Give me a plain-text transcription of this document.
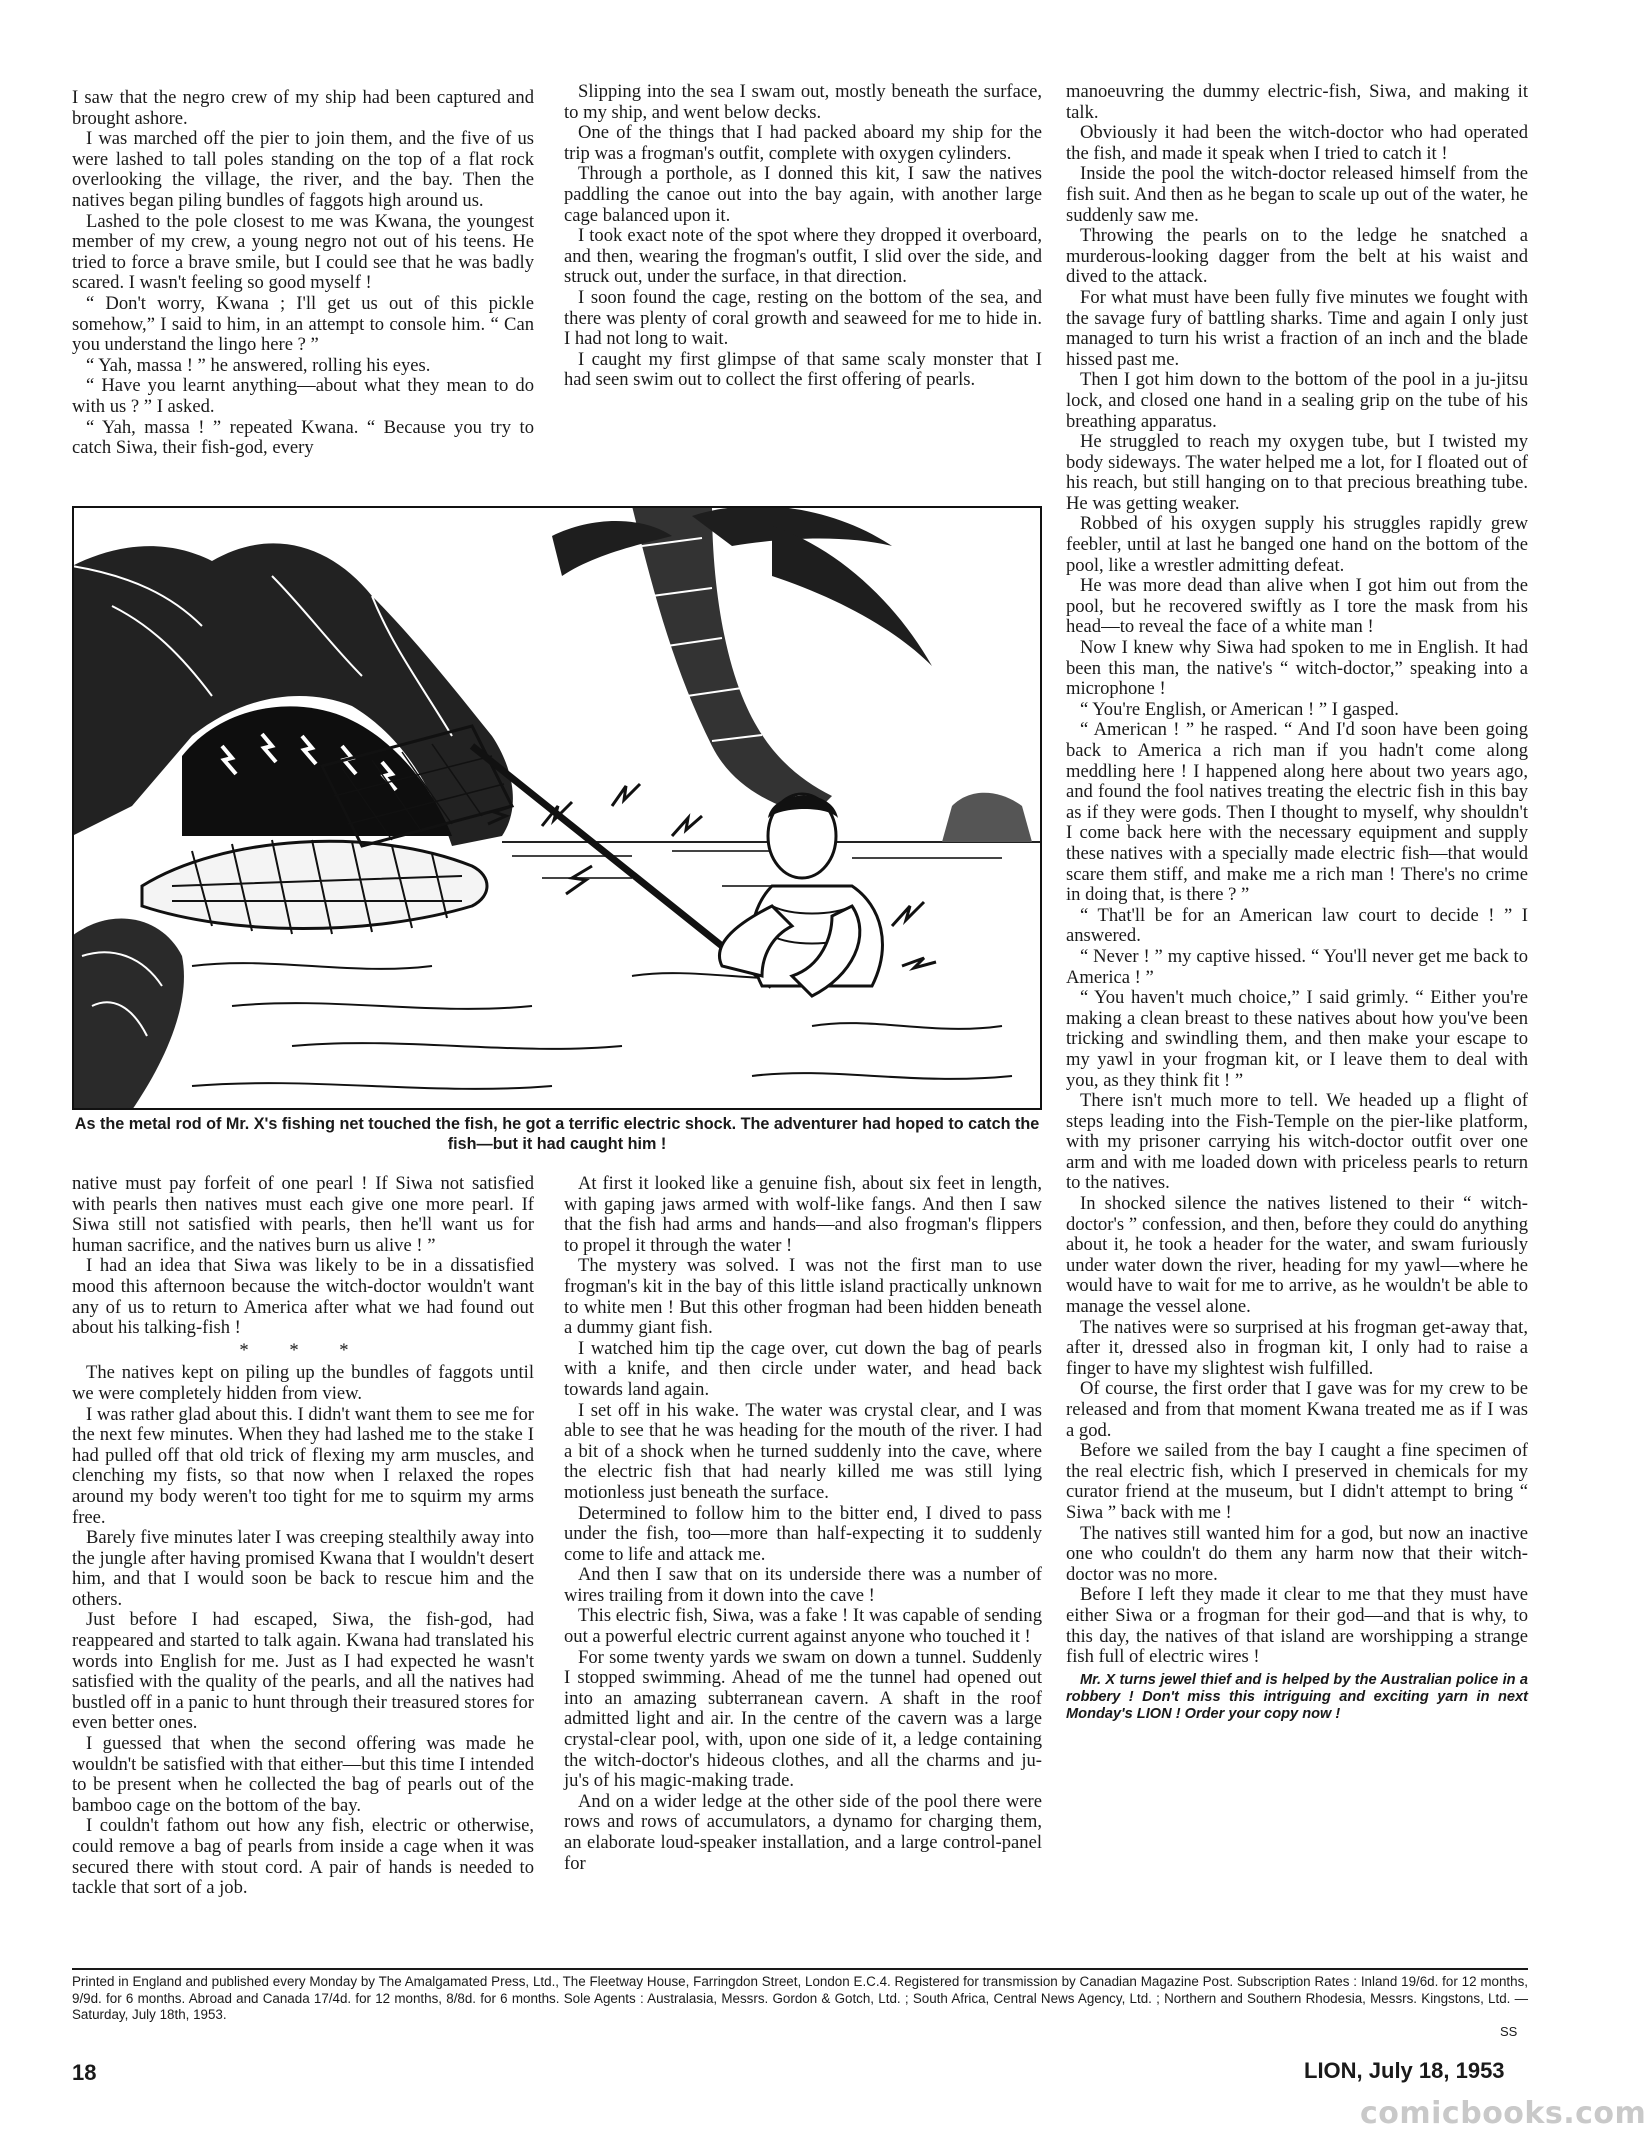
I saw that the negro crew of my ship had been captured and brought ashore.

I was marched off the pier to join them, and the five of us were lashed to tall poles standing on the top of a flat rock overlooking the village, the river, and the bay. Then the natives began piling bundles of faggots high around us.

Lashed to the pole closest to me was Kwana, the youngest member of my crew, a young negro not out of his teens. He tried to force a brave smile, but I could see that he was badly scared. I wasn't feeling so good myself !

“ Don't worry, Kwana ; I'll get us out of this pickle somehow,” I said to him, in an attempt to console him. “ Can you understand the lingo here ? ”

“ Yah, massa ! ” he answered, rolling his eyes.

“ Have you learnt anything—about what they mean to do with us ? ” I asked.

“ Yah, massa ! ” repeated Kwana. “ Because you try to catch Siwa, their fish-god, every

Slipping into the sea I swam out, mostly beneath the surface, to my ship, and went below decks.

One of the things that I had packed aboard my ship for the trip was a frogman's outfit, complete with oxygen cylinders.

Through a porthole, as I donned this kit, I saw the natives paddling the canoe out into the bay again, with another large cage balanced upon it.

I took exact note of the spot where they dropped it overboard, and then, wearing the frogman's outfit, I slid over the side, and struck out, under the surface, in that direction.

I soon found the cage, resting on the bottom of the sea, and there was plenty of coral growth and seaweed for me to hide in. I had not long to wait.

I caught my first glimpse of that same scaly monster that I had seen swim out to collect the first offering of pearls.

manoeuvring the dummy electric-fish, Siwa, and making it talk.

Obviously it had been the witch-doctor who had operated the fish, and made it speak when I tried to catch it !

Inside the pool the witch-doctor released himself from the fish suit. And then as he began to scale up out of the water, he suddenly saw me.

Throwing the pearls on to the ledge he snatched a murderous-looking dagger from the belt at his waist and dived to the attack.

For what must have been fully five minutes we fought with the savage fury of battling sharks. Time and again I only just managed to turn his wrist a fraction of an inch and the blade hissed past me.

Then I got him down to the bottom of the pool in a ju-jitsu lock, and closed one hand in a sealing grip on the tube of his breathing apparatus.

He struggled to reach my oxygen tube, but I twisted my body sideways. The water helped me a lot, for I floated out of his reach, but still hanging on to that precious breathing tube. He was getting weaker.

Robbed of his oxygen supply his struggles rapidly grew feebler, until at last he banged one hand on the bottom of the pool, like a wrestler admitting defeat.

He was more dead than alive when I got him out from the pool, but he recovered swiftly as I tore the mask from his head—to reveal the face of a white man !

Now I knew why Siwa had spoken to me in English. It had been this man, the native's “ witch-doctor,” speaking into a microphone !

“ You're English, or American ! ” I gasped.

“ American ! ” he rasped. “ And I'd soon have been going back to America a rich man if you hadn't come along meddling here ! I happened along here about two years ago, and found the fool natives treating the electric fish in this bay as if they were gods. Then I thought to myself, why shouldn't I come back here with the necessary equipment and supply these natives with a specially made electric fish—that would scare them stiff, and make me a rich man ! There's no crime in doing that, is there ? ”

“ That'll be for an American law court to decide ! ” I answered.

“ Never ! ” my captive hissed. “ You'll never get me back to America ! ”

“ You haven't much choice,” I said grimly. “ Either you're making a clean breast to these natives about how you've been tricking and swindling them, and then make your escape to my yawl in your frogman kit, or I leave them to deal with you, as they think fit ! ”

There isn't much more to tell. We headed up a flight of steps leading into the Fish-Temple on the pier-like platform, with my prisoner carrying his witch-doctor outfit over one arm and with me loaded down with priceless pearls to return to the natives.

In shocked silence the natives listened to their “ witch-doctor's ” confession, and then, before they could do anything about it, he took a header for the water, and swam furiously under water down the river, heading for my yawl—where he would have to wait for me to arrive, as he wouldn't be able to manage the vessel alone.

The natives were so surprised at his frogman get-away that, after it, dressed also in frogman kit, I only had to raise a finger to have my slightest wish fulfilled.

Of course, the first order that I gave was for my crew to be released and from that moment Kwana treated me as if I was a god.

Before we sailed from the bay I caught a fine specimen of the real electric fish, which I preserved in chemicals for my curator friend at the museum, but I didn't attempt to bring “ Siwa ” back with me !

The natives still wanted him for a god, but now an inactive one who couldn't do them any harm now that their witch-doctor was no more.

Before I left they made it clear to me that they must have either Siwa or a frogman for their god—and that is why, to this day, the natives of that island are worshipping a strange fish full of electric wires !

Mr. X turns jewel thief and is helped by the Australian police in a robbery ! Don't miss this intriguing and exciting yarn in next Monday's LION ! Order your copy now !

As the metal rod of Mr. X's fishing net touched the fish, he got a terrific electric shock. The adventurer had hoped to catch the fish—but it had caught him !

native must pay forfeit of one pearl ! If Siwa not satisfied with pearls then natives must each give one more pearl. If Siwa still not satisfied with pearls, then he'll want us for human sacrifice, and the natives burn us alive ! ”

I had an idea that Siwa was likely to be in a dissatisfied mood this afternoon because the witch-doctor wouldn't want any of us to return to America after what we had found out about his talking-fish !

* * *

The natives kept on piling up the bundles of faggots until we were completely hidden from view.

I was rather glad about this. I didn't want them to see me for the next few minutes. When they had lashed me to the stake I had pulled off that old trick of flexing my arm muscles, and clenching my fists, so that now when I relaxed the ropes around my body weren't too tight for me to squirm my arms free.

Barely five minutes later I was creeping stealthily away into the jungle after having promised Kwana that I wouldn't desert him, and that I would soon be back to rescue him and the others.

Just before I had escaped, Siwa, the fish-god, had reappeared and started to talk again. Kwana had translated his words into English for me. Just as I had expected he wasn't satisfied with the quality of the pearls, and all the natives had bustled off in a panic to hunt through their treasured stores for even better ones.

I guessed that when the second offering was made he wouldn't be satisfied with that either—but this time I intended to be present when he collected the bag of pearls out of the bamboo cage on the bottom of the bay.

I couldn't fathom out how any fish, electric or otherwise, could remove a bag of pearls from inside a cage when it was secured there with stout cord. A pair of hands is needed to tackle that sort of a job.

At first it looked like a genuine fish, about six feet in length, with gaping jaws armed with wolf-like fangs. And then I saw that the fish had arms and hands—and also frogman's flippers to propel it through the water !

The mystery was solved. I was not the first man to use frogman's kit in the bay of this little island practically unknown to white men ! But this other frogman had been hidden beneath a dummy giant fish.

I watched him tip the cage over, cut down the bag of pearls with a knife, and then circle under water, and head back towards land again.

I set off in his wake. The water was crystal clear, and I was able to see that he was heading for the mouth of the river. I had a bit of a shock when he turned suddenly into the cave, where the electric fish that had nearly killed me was still lying motionless just beneath the surface.

Determined to follow him to the bitter end, I dived to pass under the fish, too—more than half-expecting it to suddenly come to life and attack me.

And then I saw that on its underside there was a number of wires trailing from it down into the cave !

This electric fish, Siwa, was a fake ! It was capable of sending out a powerful electric current against anyone who touched it !

For some twenty yards we swam on down a tunnel. Suddenly I stopped swimming. Ahead of me the tunnel had opened out into an amazing subterranean cavern. A shaft in the roof admitted light and air. In the centre of the cavern was a large crystal-clear pool, with, upon one side of it, a ledge containing the witch-doctor's hideous clothes, and all the charms and ju-ju's of his magic-making trade.

And on a wider ledge at the other side of the pool there were rows and rows of accumulators, a dynamo for charging them, an elaborate loud-speaker installation, and a large control-panel for

Printed in England and published every Monday by The Amalgamated Press, Ltd., The Fleetway House, Farringdon Street, London E.C.4. Registered for transmission by Canadian Magazine Post. Subscription Rates : Inland 19/6d. for 12 months, 9/9d. for 6 months. Abroad and Canada 17/4d. for 12 months, 8/8d. for 6 months. Sole Agents : Australasia, Messrs. Gordon & Gotch, Ltd. ; South Africa, Central News Agency, Ltd. ; Northern and Southern Rhodesia, Messrs. Kingstons, Ltd. —Saturday, July 18th, 1953.
SS
18	LION, July 18, 1953
comicbooks.com
